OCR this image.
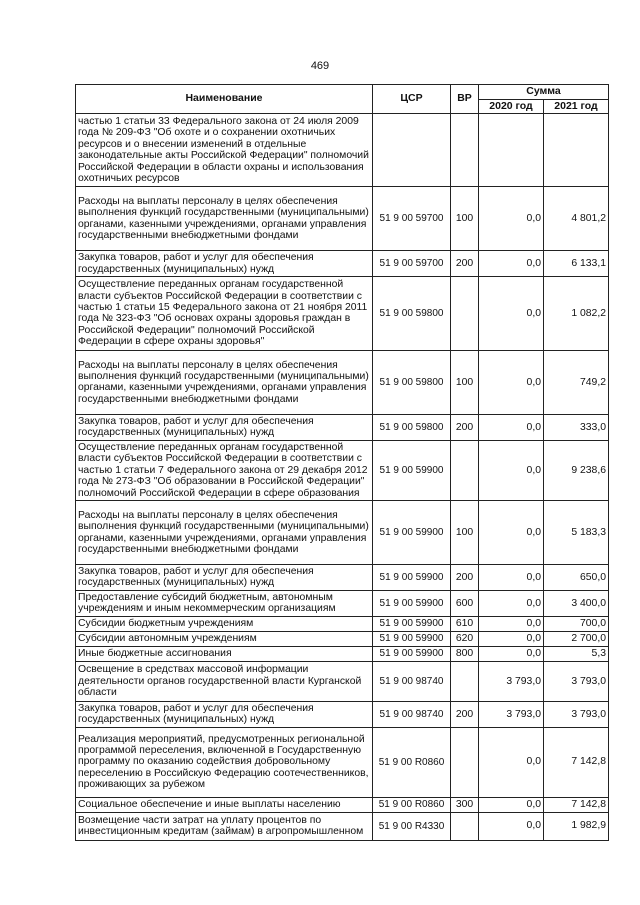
469
Наименование	ЦСР	ВР	Сумма	
			2020 год	2021 год
частью 1 статьи 33 Федерального закона от 24 июля 2009 года № 209-ФЗ "Об охоте и о сохранении охотничьих ресурсов и о внесении изменений в отдельные законодательные акты Российской Федерации" полномочий Российской Федерации в области охраны и использования охотничьих ресурсов				
Расходы на выплаты персоналу в целях обеспечения выполнения функций государственными (муниципальными) органами, казенными учреждениями, органами управления государственными внебюджетными фондами	51 9 00 59700	100	0,0	4 801,2
Закупка товаров, работ и услуг для обеспечения государственных (муниципальных) нужд	51 9 00 59700	200	0,0	6 133,1
Осуществление переданных органам государственной власти субъектов Российской Федерации в соответствии с частью 1 статьи 15 Федерального закона от 21 ноября 2011 года № 323-ФЗ "Об основах охраны здоровья граждан в Российской Федерации" полномочий Российской Федерации в сфере охраны здоровья"	51 9 00 59800		0,0	1 082,2
Расходы на выплаты персоналу в целях обеспечения выполнения функций государственными (муниципальными) органами, казенными учреждениями, органами управления государственными внебюджетными фондами	51 9 00 59800	100	0,0	749,2
Закупка товаров, работ и услуг для обеспечения государственных (муниципальных) нужд	51 9 00 59800	200	0,0	333,0
Осуществление переданных органам государственной власти субъектов Российской Федерации в соответствии с частью 1 статьи 7 Федерального закона от 29 декабря 2012 года № 273-ФЗ "Об образовании в Российской Федерации" полномочий Российской Федерации в сфере образования	51 9 00 59900		0,0	9 238,6
Расходы на выплаты персоналу в целях обеспечения выполнения функций государственными (муниципальными) органами, казенными учреждениями, органами управления государственными внебюджетными фондами	51 9 00 59900	100	0,0	5 183,3
Закупка товаров, работ и услуг для обеспечения государственных (муниципальных) нужд	51 9 00 59900	200	0,0	650,0
Предоставление субсидий бюджетным, автономным учреждениям и иным некоммерческим организациям	51 9 00 59900	600	0,0	3 400,0
Субсидии бюджетным учреждениям	51 9 00 59900	610	0,0	700,0
Субсидии автономным учреждениям	51 9 00 59900	620	0,0	2 700,0
Иные бюджетные ассигнования	51 9 00 59900	800	0,0	5,3
Освещение в средствах массовой информации деятельности органов государственной власти Курганской области	51 9 00 98740		3 793,0	3 793,0
Закупка товаров, работ и услуг для обеспечения государственных (муниципальных) нужд	51 9 00 98740	200	3 793,0	3 793,0
Реализация мероприятий, предусмотренных региональной программой переселения, включенной в Государственную программу по оказанию содействия добровольному переселению в Российскую Федерацию соотечественников, проживающих за рубежом	51 9 00 R0860		0,0	7 142,8
Социальное обеспечение и иные выплаты населению	51 9 00 R0860	300	0,0	7 142,8
Возмещение части затрат на уплату процентов по инвестиционным кредитам (займам) в агропромышленном	51 9 00 R4330		0,0	1 982,9
